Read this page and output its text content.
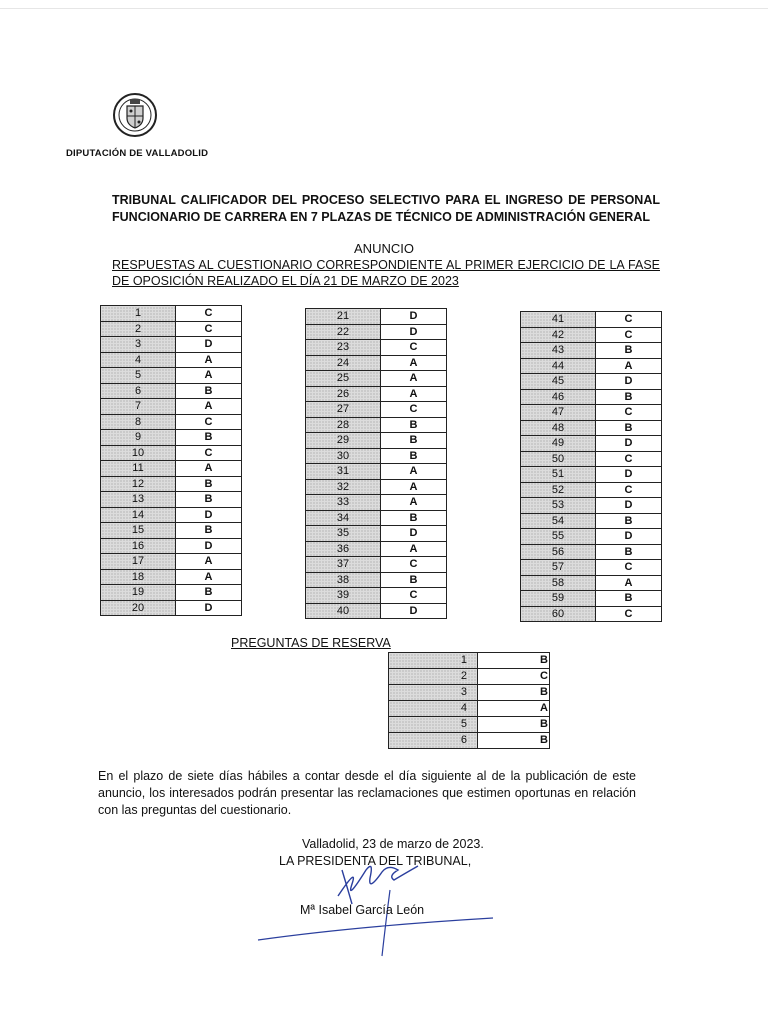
DIPUTACIÓN DE VALLADOLID
TRIBUNAL CALIFICADOR DEL PROCESO SELECTIVO PARA EL INGRESO DE PERSONAL FUNCIONARIO DE CARRERA EN 7 PLAZAS DE TÉCNICO DE ADMINISTRACIÓN GENERAL
ANUNCIO
RESPUESTAS AL CUESTIONARIO CORRESPONDIENTE AL PRIMER EJERCICIO DE LA FASE DE OPOSICIÓN REALIZADO EL DÍA 21 DE MARZO DE 2023
1	C
2	C
3	D
4	A
5	A
6	B
7	A
8	C
9	B
10	C
11	A
12	B
13	B
14	D
15	B
16	D
17	A
18	A
19	B
20	D
21	D
22	D
23	C
24	A
25	A
26	A
27	C
28	B
29	B
30	B
31	A
32	A
33	A
34	B
35	D
36	A
37	C
38	B
39	C
40	D
41	C
42	C
43	B
44	A
45	D
46	B
47	C
48	B
49	D
50	C
51	D
52	C
53	D
54	B
55	D
56	B
57	C
58	A
59	B
60	C
PREGUNTAS DE RESERVA
1	B
2	C
3	B
4	A
5	B
6	B
En el plazo de siete días hábiles a contar desde el día siguiente al de la publicación de este anuncio, los interesados podrán presentar las reclamaciones que estimen oportunas en relación con las preguntas del cuestionario.
Valladolid, 23 de marzo de 2023.
LA PRESIDENTA DEL TRIBUNAL,
Mª Isabel García León
